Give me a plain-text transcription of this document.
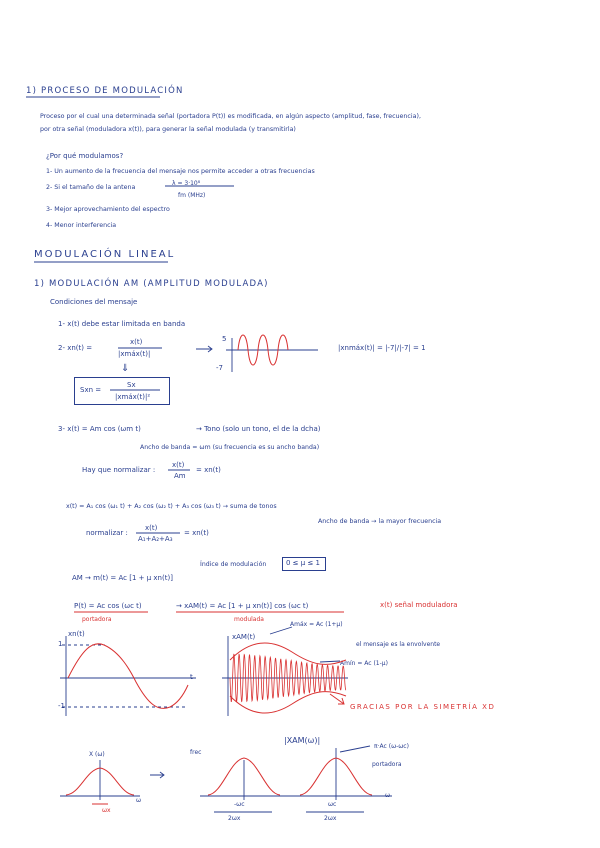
1) PROCESO DE MODULACIÓN
Proceso por el cual una determinada señal (portadora P(t)) es modificada, en algún aspecto (amplitud, fase, frecuencia),
por otra señal (moduladora x(t)), para generar la señal modulada (y transmitirla)
¿Por qué modulamos?
1- Un aumento de la frecuencia del mensaje nos permite acceder a otras frecuencias
2- Si el tamaño de la antena
λ = 3·10⁸
fm (MHz)
3- Mejor aprovechamiento del espectro
4- Menor interferencia
MODULACIÓN LINEAL
1) MODULACIÓN AM (AMPLITUD MODULADA)
Condiciones del mensaje
1- x(t) debe estar limitada en banda
2- xn(t) =
x(t)
|xmáx(t)|
⇓
|xnmáx(t)| = |-7|/|-7| = 1
Sxn =
Sx
|xmáx(t)|²
3- x(t) = Am cos (ωm t)	→ Tono (solo un tono, el de la dcha)
Ancho de banda = ωm (su frecuencia es su ancho banda)
Hay que normalizar :
x(t)
Am
= xn(t)
x(t) = A₁ cos (ω₁ t) + A₂ cos (ω₂ t) + A₃ cos (ω₃ t) → suma de tonos
Ancho de banda → la mayor frecuencia
normalizar :
x(t)
A₁+A₂+A₃
= xn(t)
Índice de modulación	0 ≤ μ ≤ 1
AM → m(t) = Ac [1 + μ xn(t)]
P(t) = Ac cos (ωc t)
portadora
→ xAM(t) = Ac [1 + μ xn(t)] cos (ωc t)
modulada
x(t) señal moduladora
5
-7
xn(t)
1
-1
t
xAM(t)
Amáx = Ac (1+μ)
Amín = Ac (1-μ)
el mensaje es la envolvente
GRACIAS POR LA SIMETRÍA XD
|XAM(ω)|
π·Ac (ω-ωc)
portadora
frec
X (ω)
ω
ωx
-ωc	ωc
2ωx	2ωx
ω
